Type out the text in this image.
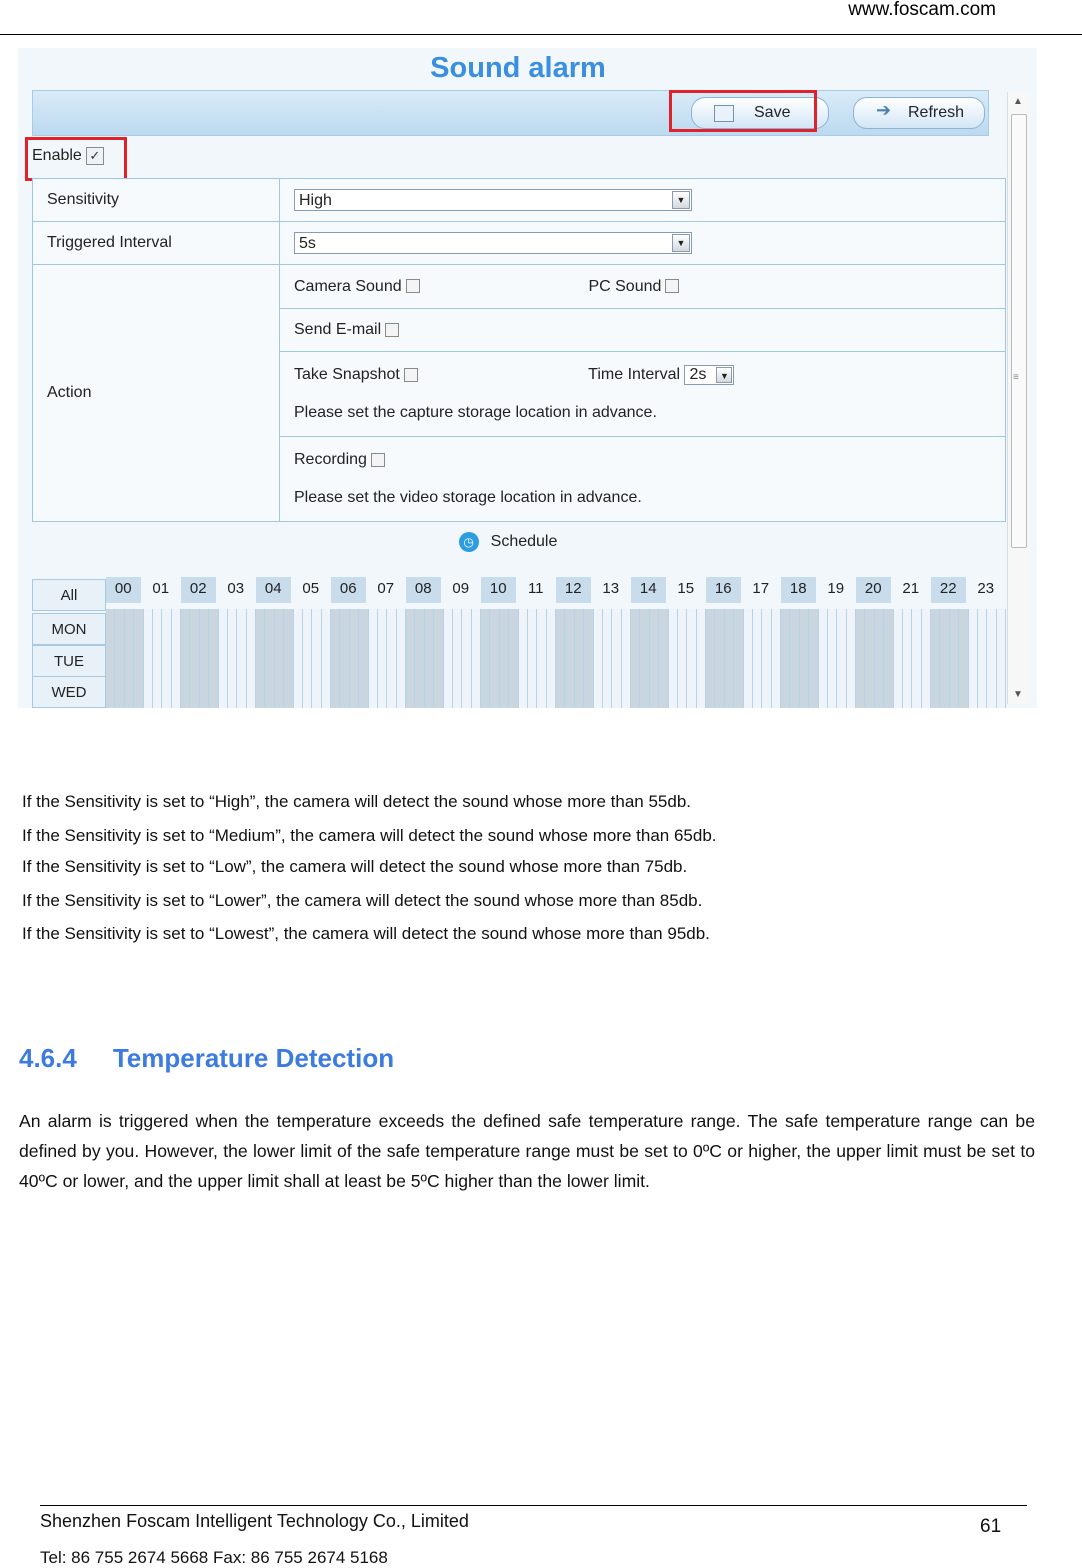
www.foscam.com
Sound alarm
Save	➔ Refresh
▲
≡
▼
Enable ✓
Sensitivity	High ▼

Triggered Interval	5s ▼

Action	Camera Sound PC Sound
	Send E-mail

	Take Snapshot Time Interval 2s ▼
Please set the capture storage location in advance.

	Recording
Please set the video storage location in advance.
◷ Schedule
All
MON
TUE
WED
00	01	02	03	04	05	06	07	08	09	10	11	12	13	14	15	16	17	18	19	20	21	22	23
If the Sensitivity is set to “High”, the camera will detect the sound whose more than 55db.
If the Sensitivity is set to “Medium”, the camera will detect the sound whose more than 65db.
If the Sensitivity is set to “Low”, the camera will detect the sound whose more than 75db.
If the Sensitivity is set to “Lower”, the camera will detect the sound whose more than 85db.
If the Sensitivity is set to “Lowest”, the camera will detect the sound whose more than 95db.
4.6.4 Temperature Detection
An alarm is triggered when the temperature exceeds the defined safe temperature range. The safe temperature range can be defined by you. However, the lower limit of the safe temperature range must be set to 0ºC or higher, the upper limit must be set to 40ºC or lower, and the upper limit shall at least be 5ºC higher than the lower limit.
Shenzhen Foscam Intelligent Technology Co., Limited
Tel: 86 755 2674 5668 Fax: 86 755 2674 5168
61
